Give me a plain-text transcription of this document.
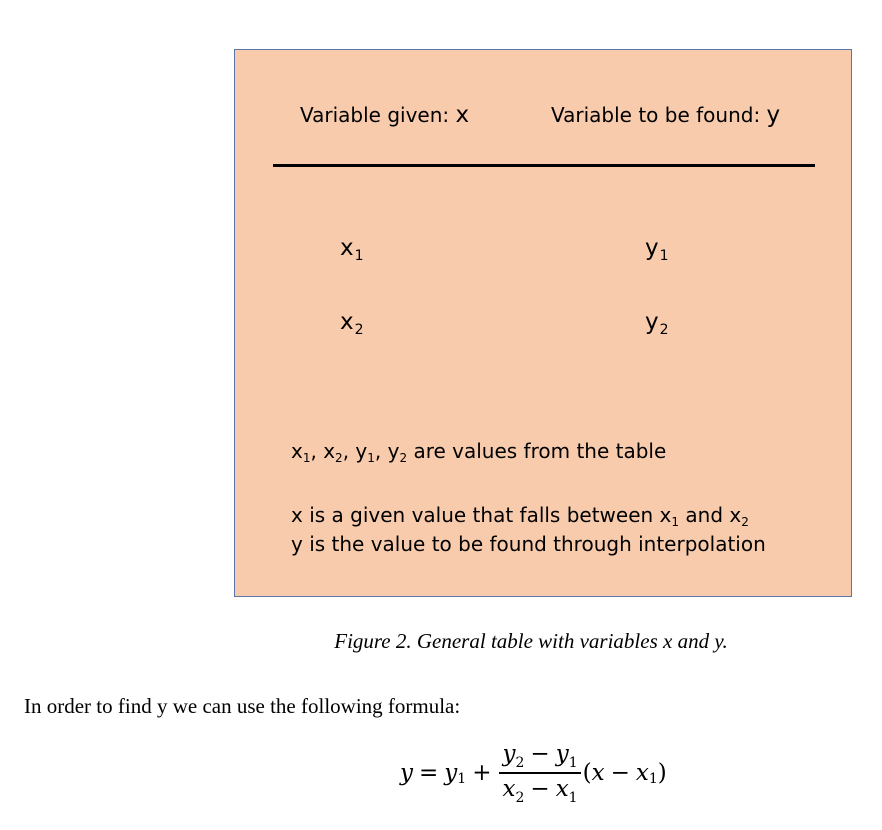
Variable given: x	Variable to be found: y
$x_1$	$y_1$
$x_2$	$y_2$
$x_1$, $x_2$, $y_1$, $y_2$ are values from the table
x is a given value that falls between $x_1$ and $x_2$
y is the value to be found through interpolation
Figure 2. General table with variables x and y.
In order to find y we can use the following formula:
y = y $1 + \frac{y_2 - y_1}{x_2 - x_1}$ ( x − x 1 )
